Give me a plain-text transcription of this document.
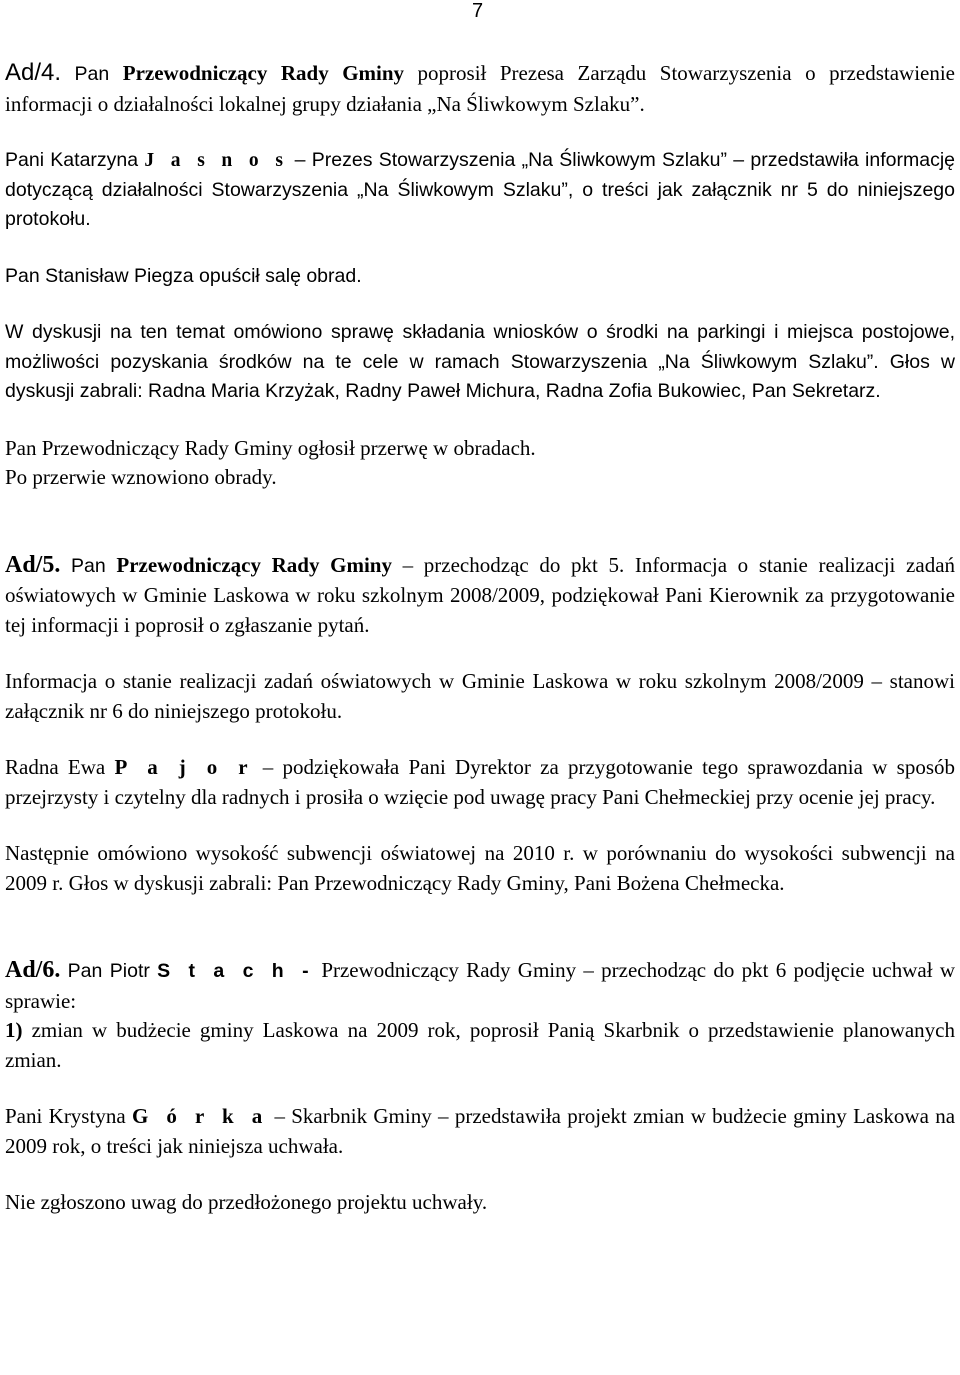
7

Ad/4. Pan Przewodniczący Rady Gminy poprosił Prezesa Zarządu Stowarzyszenia o przedstawienie informacji o działalności lokalnej grupy działania „Na Śliwkowym Szlaku”.

Pani Katarzyna J a s n o s – Prezes Stowarzyszenia „Na Śliwkowym Szlaku” – przedstawiła informację dotyczącą działalności Stowarzyszenia „Na Śliwkowym Szlaku”, o treści jak załącznik nr 5 do niniejszego protokołu.

Pan Stanisław Piegza opuścił salę obrad.

W dyskusji na ten temat omówiono sprawę składania wniosków o środki na parkingi i miejsca postojowe, możliwości pozyskania środków na te cele w ramach Stowarzyszenia „Na Śliwkowym Szlaku”. Głos w dyskusji zabrali: Radna Maria Krzyżak, Radny Paweł Michura, Radna Zofia Bukowiec, Pan Sekretarz.

Pan Przewodniczący Rady Gminy ogłosił przerwę w obradach.

Po przerwie wznowiono obrady.

Ad/5. Pan Przewodniczący Rady Gminy – przechodząc do pkt 5. Informacja o stanie realizacji zadań oświatowych w Gminie Laskowa w roku szkolnym 2008/2009, podziękował Pani Kierownik za przygotowanie tej informacji i poprosił o zgłaszanie pytań.

Informacja o stanie realizacji zadań oświatowych w Gminie Laskowa w roku szkolnym 2008/2009 – stanowi załącznik nr 6 do niniejszego protokołu.

Radna Ewa P a j o r – podziękowała Pani Dyrektor za przygotowanie tego sprawozdania w sposób przejrzysty i czytelny dla radnych i prosiła o wzięcie pod uwagę pracy Pani Chełmeckiej przy ocenie jej pracy.

Następnie omówiono wysokość subwencji oświatowej na 2010 r. w porównaniu do wysokości subwencji na 2009 r. Głos w dyskusji zabrali: Pan Przewodniczący Rady Gminy, Pani Bożena Chełmecka.

Ad/6. Pan Piotr S t a c h - Przewodniczący Rady Gminy – przechodząc do pkt 6 podjęcie uchwał w sprawie:

1) zmian w budżecie gminy Laskowa na 2009 rok, poprosił Panią Skarbnik o przedstawienie planowanych zmian.

Pani Krystyna G ó r k a – Skarbnik Gminy – przedstawiła projekt zmian w budżecie gminy Laskowa na 2009 rok, o treści jak niniejsza uchwała.

Nie zgłoszono uwag do przedłożonego projektu uchwały.
